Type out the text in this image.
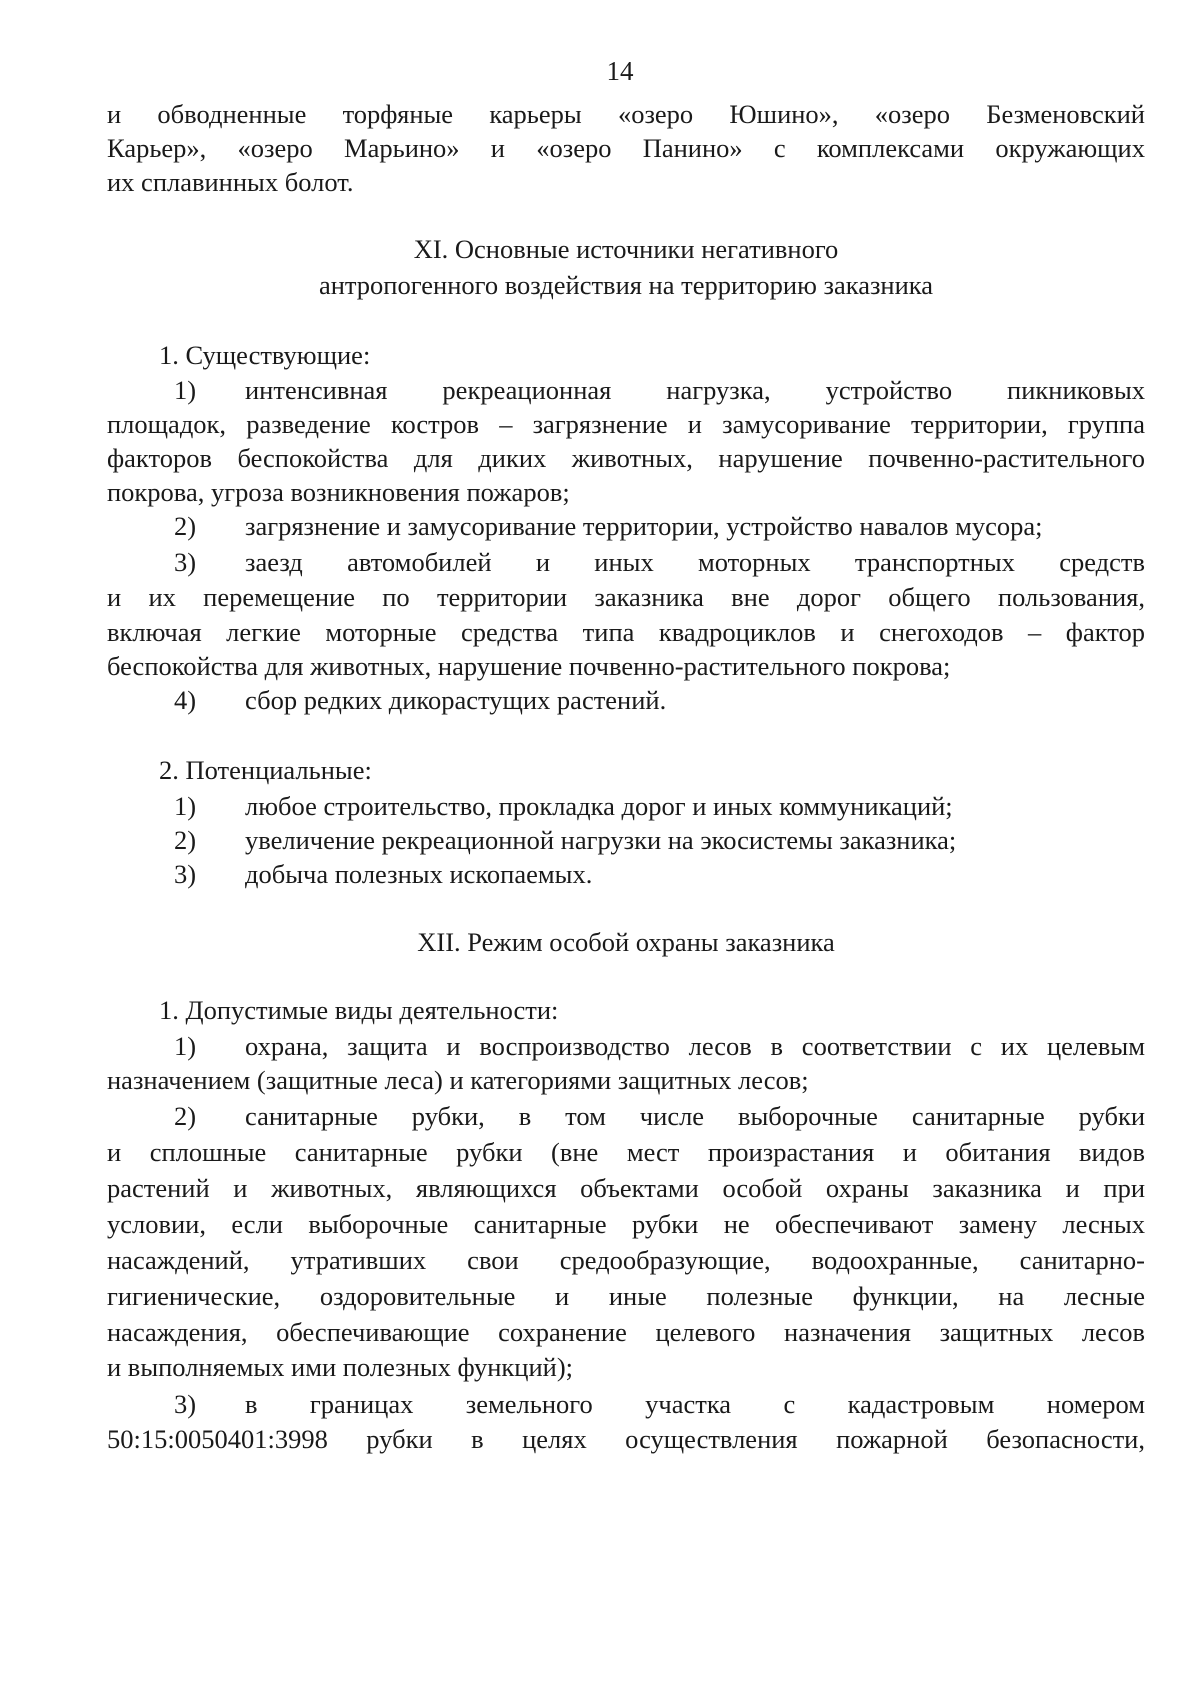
14
и обводненные торфяные карьеры «озеро Юшино», «озеро Безменовский
Карьер», «озеро Марьино» и «озеро Панино» с комплексами окружающих
их сплавинных болот.
XI. Основные источники негативного
антропогенного воздействия на территорию заказника
1. Существующие:
1)	интенсивная рекреационная нагрузка, устройство пикниковых
площадок, разведение костров – загрязнение и замусоривание территории, группа
факторов беспокойства для диких животных, нарушение почвенно-растительного
покрова, угроза возникновения пожаров;
2)	загрязнение и замусоривание территории, устройство навалов мусора;
3)	заезд автомобилей и иных моторных транспортных средств
и их перемещение по территории заказника вне дорог общего пользования,
включая легкие моторные средства типа квадроциклов и снегоходов – фактор
беспокойства для животных, нарушение почвенно-растительного покрова;
4)	сбор редких дикорастущих растений.
2. Потенциальные:
1)	любое строительство, прокладка дорог и иных коммуникаций;
2)	увеличение рекреационной нагрузки на экосистемы заказника;
3)	добыча полезных ископаемых.
XII. Режим особой охраны заказника
1. Допустимые виды деятельности:
1)	охрана, защита и воспроизводство лесов в соответствии с их целевым
назначением (защитные леса) и категориями защитных лесов;
2)	санитарные рубки, в том числе выборочные санитарные рубки
и сплошные санитарные рубки (вне мест произрастания и обитания видов
растений и животных, являющихся объектами особой охраны заказника и при
условии, если выборочные санитарные рубки не обеспечивают замену лесных
насаждений, утративших свои средообразующие, водоохранные, санитарно-
гигиенические, оздоровительные и иные полезные функции, на лесные
насаждения, обеспечивающие сохранение целевого назначения защитных лесов
и выполняемых ими полезных функций);
3)	в границах земельного участка с кадастровым номером
50:15:0050401:3998 рубки в целях осуществления пожарной безопасности,
